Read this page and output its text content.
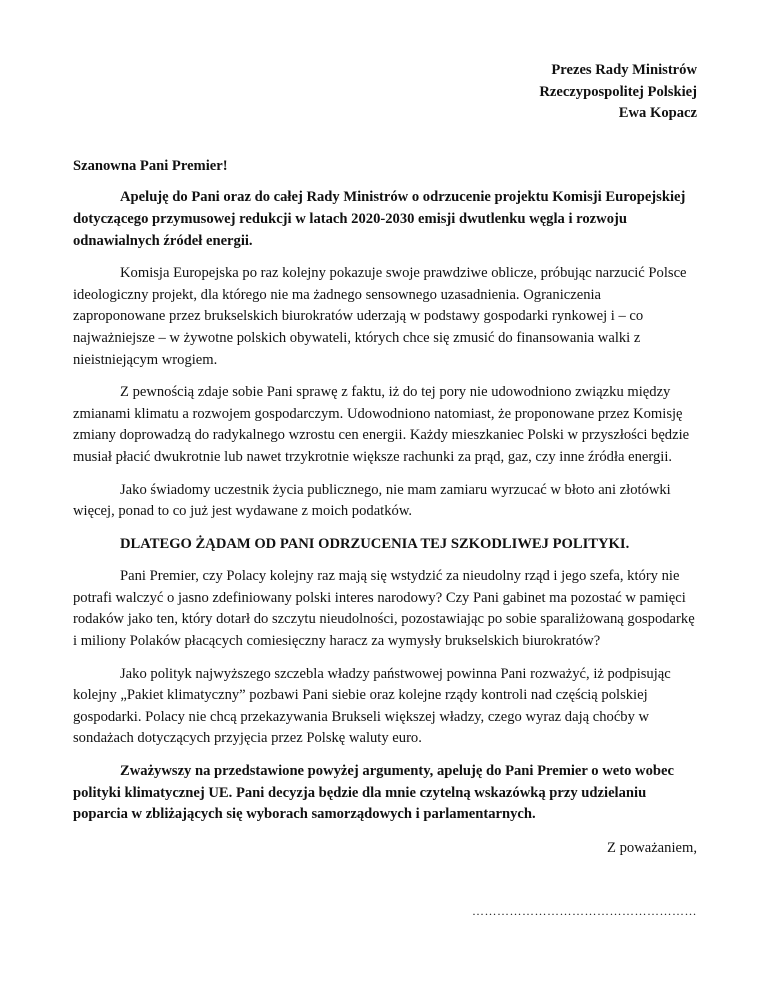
Prezes Rady Ministrów
Rzeczypospolitej Polskiej
Ewa Kopacz
Szanowna Pani Premier!

Apeluję do Pani oraz do całej Rady Ministrów o odrzucenie projektu Komisji Europejskiej dotyczącego przymusowej redukcji w latach 2020-2030 emisji dwutlenku węgla i rozwoju odnawialnych źródeł energii.

Komisja Europejska po raz kolejny pokazuje swoje prawdziwe oblicze, próbując narzucić Polsce ideologiczny projekt, dla którego nie ma żadnego sensownego uzasadnienia. Ograniczenia zaproponowane przez brukselskich biurokratów uderzają w podstawy gospodarki rynkowej i – co najważniejsze – w żywotne polskich obywateli, których chce się zmusić do finansowania walki z nieistniejącym wrogiem.

Z pewnością zdaje sobie Pani sprawę z faktu, iż do tej pory nie udowodniono związku między zmianami klimatu a rozwojem gospodarczym. Udowodniono natomiast, że proponowane przez Komisję zmiany doprowadzą do radykalnego wzrostu cen energii. Każdy mieszkaniec Polski w przyszłości będzie musiał płacić dwukrotnie lub nawet trzykrotnie większe rachunki za prąd, gaz, czy inne źródła energii.

Jako świadomy uczestnik życia publicznego, nie mam zamiaru wyrzucać w błoto ani złotówki więcej, ponad to co już jest wydawane z moich podatków.

DLATEGO ŻĄDAM OD PANI ODRZUCENIA TEJ SZKODLIWEJ POLITYKI.

Pani Premier, czy Polacy kolejny raz mają się wstydzić za nieudolny rząd i jego szefa, który nie potrafi walczyć o jasno zdefiniowany polski interes narodowy? Czy Pani gabinet ma pozostać w pamięci rodaków jako ten, który dotarł do szczytu nieudolności, pozostawiając po sobie sparaliżowaną gospodarkę i miliony Polaków płacących comiesięczny haracz za wymysły brukselskich biurokratów?

Jako polityk najwyższego szczebla władzy państwowej powinna Pani rozważyć, iż podpisując kolejny „Pakiet klimatyczny” pozbawi Pani siebie oraz kolejne rządy kontroli nad częścią polskiej gospodarki. Polacy nie chcą przekazywania Brukseli większej władzy, czego wyraz dają choćby w sondażach dotyczących przyjęcia przez Polskę waluty euro.

Zważywszy na przedstawione powyżej argumenty, apeluję do Pani Premier o weto wobec polityki klimatycznej UE. Pani decyzja będzie dla mnie czytelną wskazówką przy udzielaniu poparcia w zbliżających się wyborach samorządowych i parlamentarnych.

Z poważaniem,
………………………………………………
